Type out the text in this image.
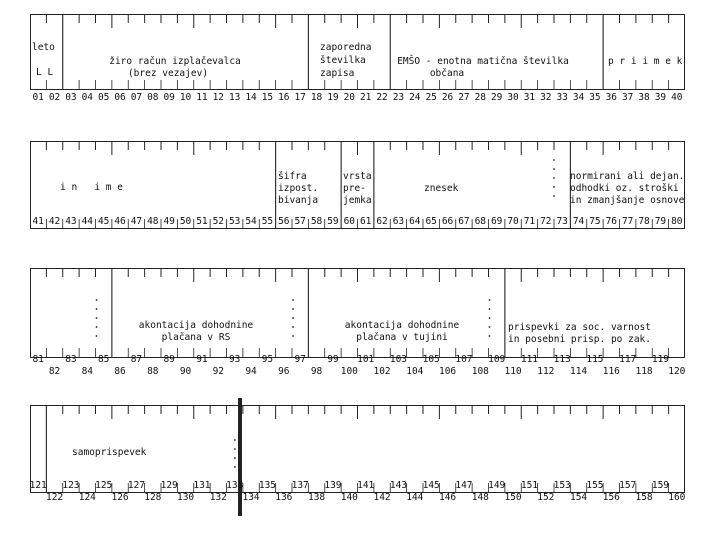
leto
L L
žiro račun izplačevalca
(brez vezajev)
zaporedna
številka
zapisa
EMŠO - enotna matična številka
občana
p r i i m e k
i n   i m e
šifra
izpost.
bivanja
vrsta
pre-
jemka
znesek
normirani ali dejan.
odhodki oz. stroški
in zmanjšanje osnove
akontacija dohodnine
plačana v RS
akontacija dohodnine
plačana v tujini
prispevki za soc. varnost
in posebni prisp. po zak.
samoprispevek
01 02 03 04 05 06 07 08 09 10 11 12 13 14 15 16 17 18 19 20 21 22 23 24 25 26 27 28 29 30 31 32 33 34 35 36 37 38 39 40
41 42 43 44 45 46 47 48 49 50 51 52 53 54 55 56 57 58 59 60 61 62 63 64 65 66 67 68 69 70 71 72 73 74 75 76 77 78 79 80
81
82
83
84
85
86
87
88
89
90
91
92
93
94
95
96
97
98
99
100
101
102
103
104
105
106
107
108
109
110
111
112
113
114
115
116
117
118
119
120
121
122
123
124
125
126
127
128
129
130
131
132
133
134
135
136
137
138
139
140
141
142
143
144
145
146
147
148
149
150
151
152
153
154
155
156
157
158
159
160
